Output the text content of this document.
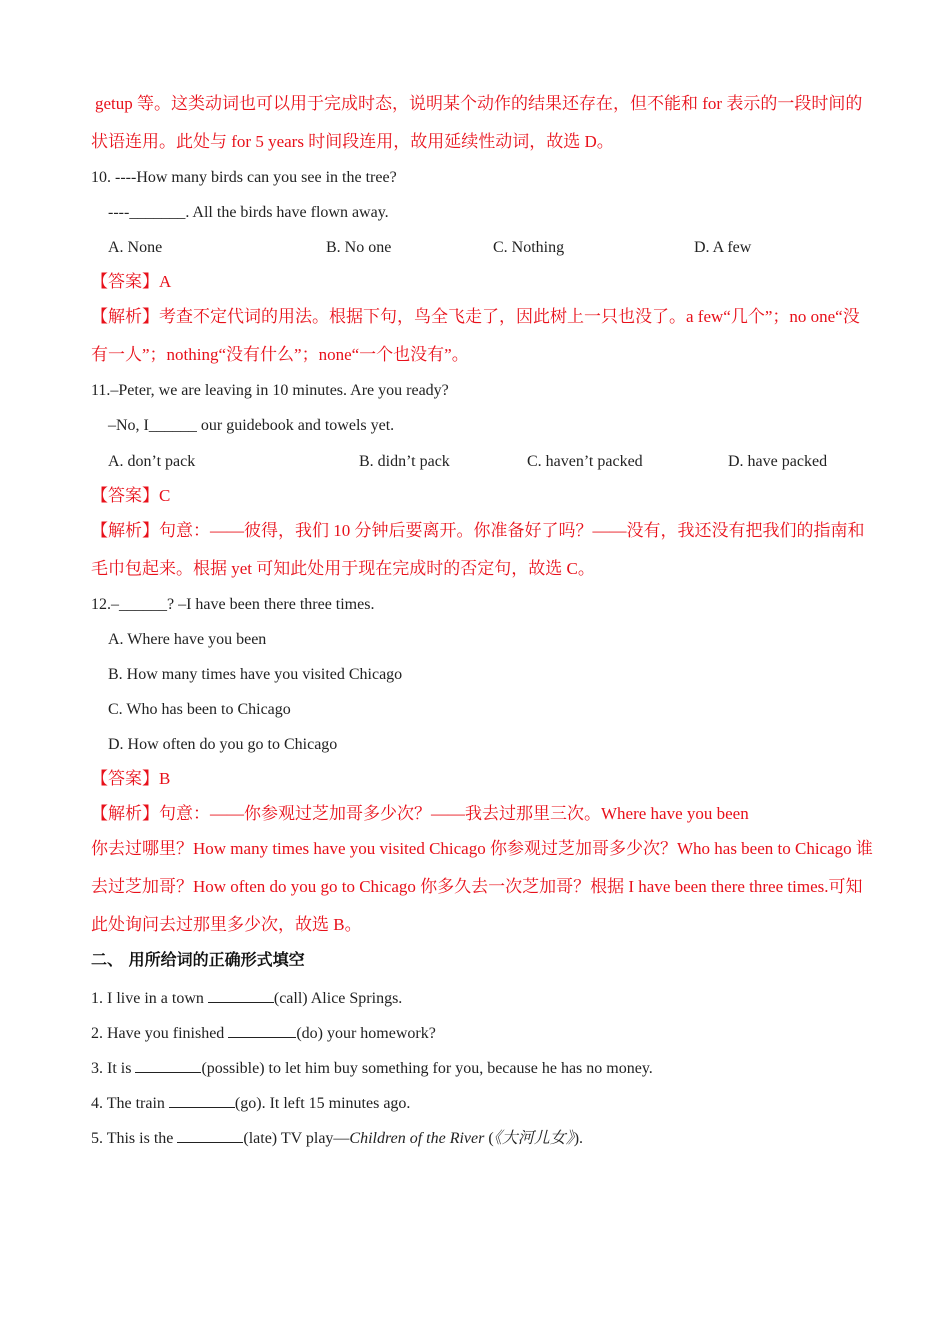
getup 等。这类动词也可以用于完成时态，说明某个动作的结果还存在，但不能和 for 表示的一段时间的
状语连用。此处与 for 5 years 时间段连用，故用延续性动词，故选 D。
10. ----How many birds can you see in the tree?
----_______. All the birds have flown away.
A. None	B. No one	C. Nothing	D. A few
【答案】A
【解析】考查不定代词的用法。根据下句，鸟全飞走了，因此树上一只也没了。a few“几个”；no one“没
有一人”；nothing“没有什么”；none“一个也没有”。
11.–Peter, we are leaving in 10 minutes. Are you ready?
–No, I______ our guidebook and towels yet.
A. don’t pack	B. didn’t pack	C. haven’t packed	D. have packed
【答案】C
【解析】句意：——彼得，我们 10 分钟后要离开。你准备好了吗？——没有，我还没有把我们的指南和
毛巾包起来。根据 yet 可知此处用于现在完成时的否定句，故选 C。
12.–______? –I have been there three times.
A. Where have you been
B. How many times have you visited Chicago
C. Who has been to Chicago
D. How often do you go to Chicago
【答案】B
【解析】句意：——你参观过芝加哥多少次？——我去过那里三次。Where have you been
你去过哪里？How many times have you visited Chicago 你参观过芝加哥多少次？Who has been to Chicago 谁
去过芝加哥？How often do you go to Chicago 你多久去一次芝加哥？根据 I have been there three times.可知
此处询问去过那里多少次，故选 B。
二、 用所给词的正确形式填空
1. I live in a town	(call) Alice Springs.
2. Have you finished	(do) your homework?
3. It is	(possible) to let him buy something for you, because he has no money.
4. The train	(go). It left 15 minutes ago.
5. This is the	(late) TV play—Children of the River (《大河儿女》).
